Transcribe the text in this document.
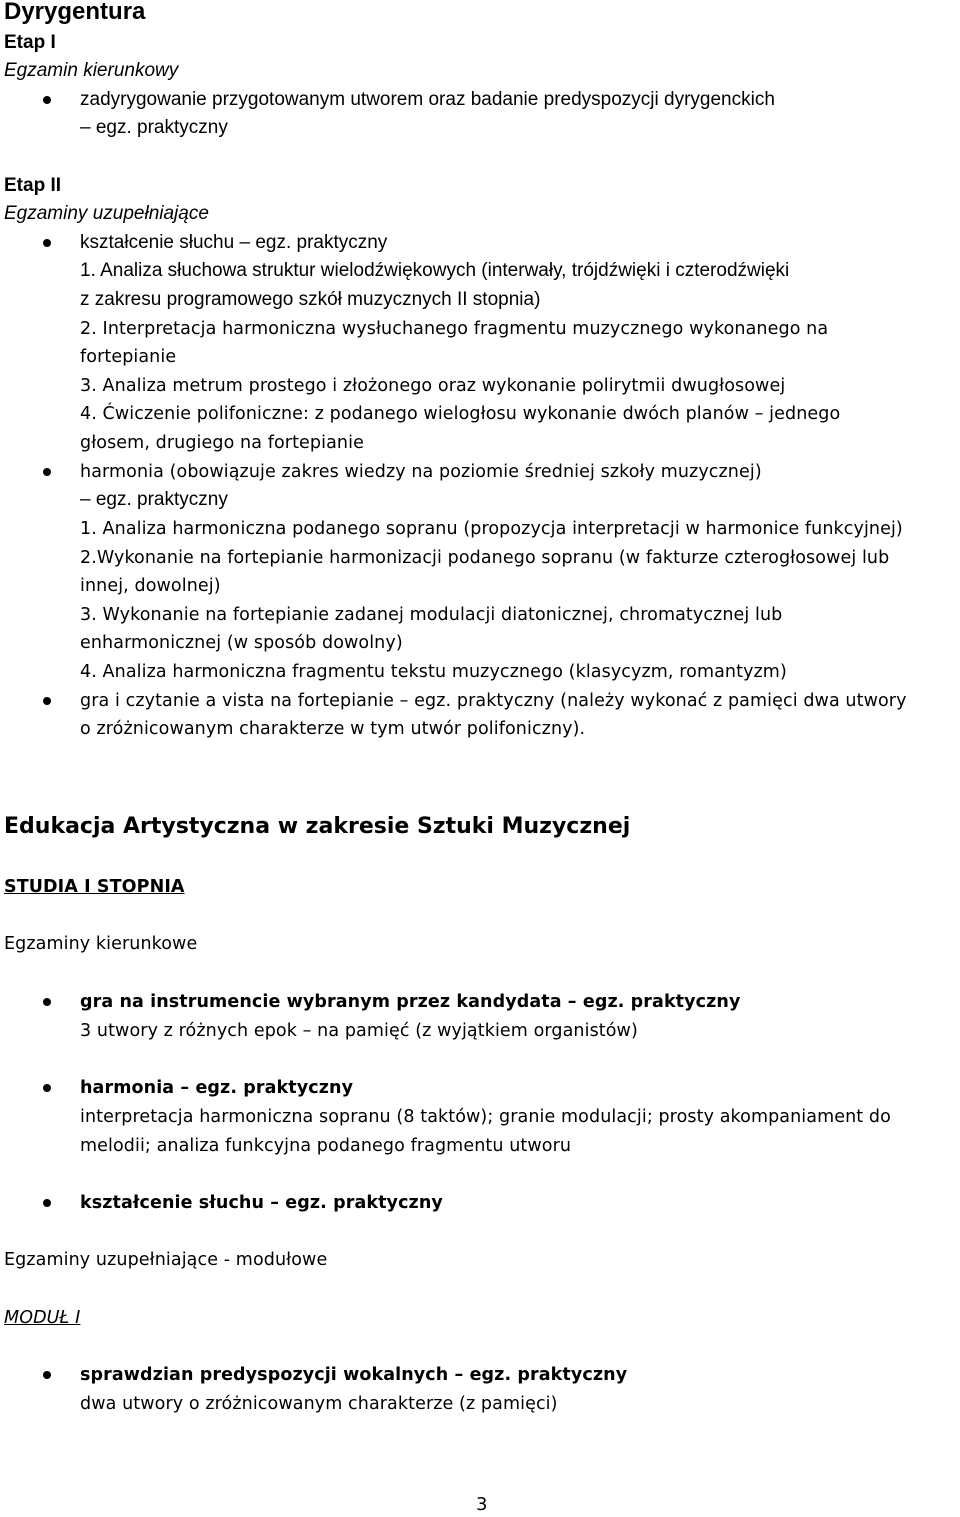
Dyrygentura
Etap I
Egzamin kierunkowy
zadyrygowanie przygotowanym utworem oraz badanie predyspozycji dyrygenckich
– egz. praktyczny
Etap II
Egzaminy uzupełniające
kształcenie słuchu – egz. praktyczny
1. Analiza słuchowa struktur wielodźwiękowych (interwały, trójdźwięki i czterodźwięki
z zakresu programowego szkół muzycznych II stopnia)
2. Interpretacja harmoniczna wysłuchanego fragmentu muzycznego wykonanego na
fortepianie
3. Analiza metrum prostego i złożonego oraz wykonanie polirytmii dwugłosowej
4. Ćwiczenie polifoniczne: z podanego wielogłosu wykonanie dwóch planów – jednego
głosem, drugiego na fortepianie
harmonia (obowiązuje zakres wiedzy na poziomie średniej szkoły muzycznej)
– egz. praktyczny
1. Analiza harmoniczna podanego sopranu (propozycja interpretacji w harmonice funkcyjnej)
2.Wykonanie na fortepianie harmonizacji podanego sopranu (w fakturze czterogłosowej lub
innej, dowolnej)
3. Wykonanie na fortepianie zadanej modulacji diatonicznej, chromatycznej lub
enharmonicznej (w sposób dowolny)
4. Analiza harmoniczna fragmentu tekstu muzycznego (klasycyzm, romantyzm)
gra i czytanie a vista na fortepianie – egz. praktyczny (należy wykonać z pamięci dwa utwory
o zróżnicowanym charakterze w tym utwór polifoniczny).
Edukacja Artystyczna w zakresie Sztuki Muzycznej
STUDIA I STOPNIA
Egzaminy kierunkowe
gra na instrumencie wybranym przez kandydata – egz. praktyczny
3 utwory z różnych epok – na pamięć (z wyjątkiem organistów)
harmonia – egz. praktyczny
interpretacja harmoniczna sopranu (8 taktów); granie modulacji; prosty akompaniament do
melodii; analiza funkcyjna podanego fragmentu utworu
kształcenie słuchu – egz. praktyczny
Egzaminy uzupełniające - modułowe
MODUŁ I
sprawdzian predyspozycji wokalnych – egz. praktyczny
dwa utwory o zróżnicowanym charakterze (z pamięci)
3
